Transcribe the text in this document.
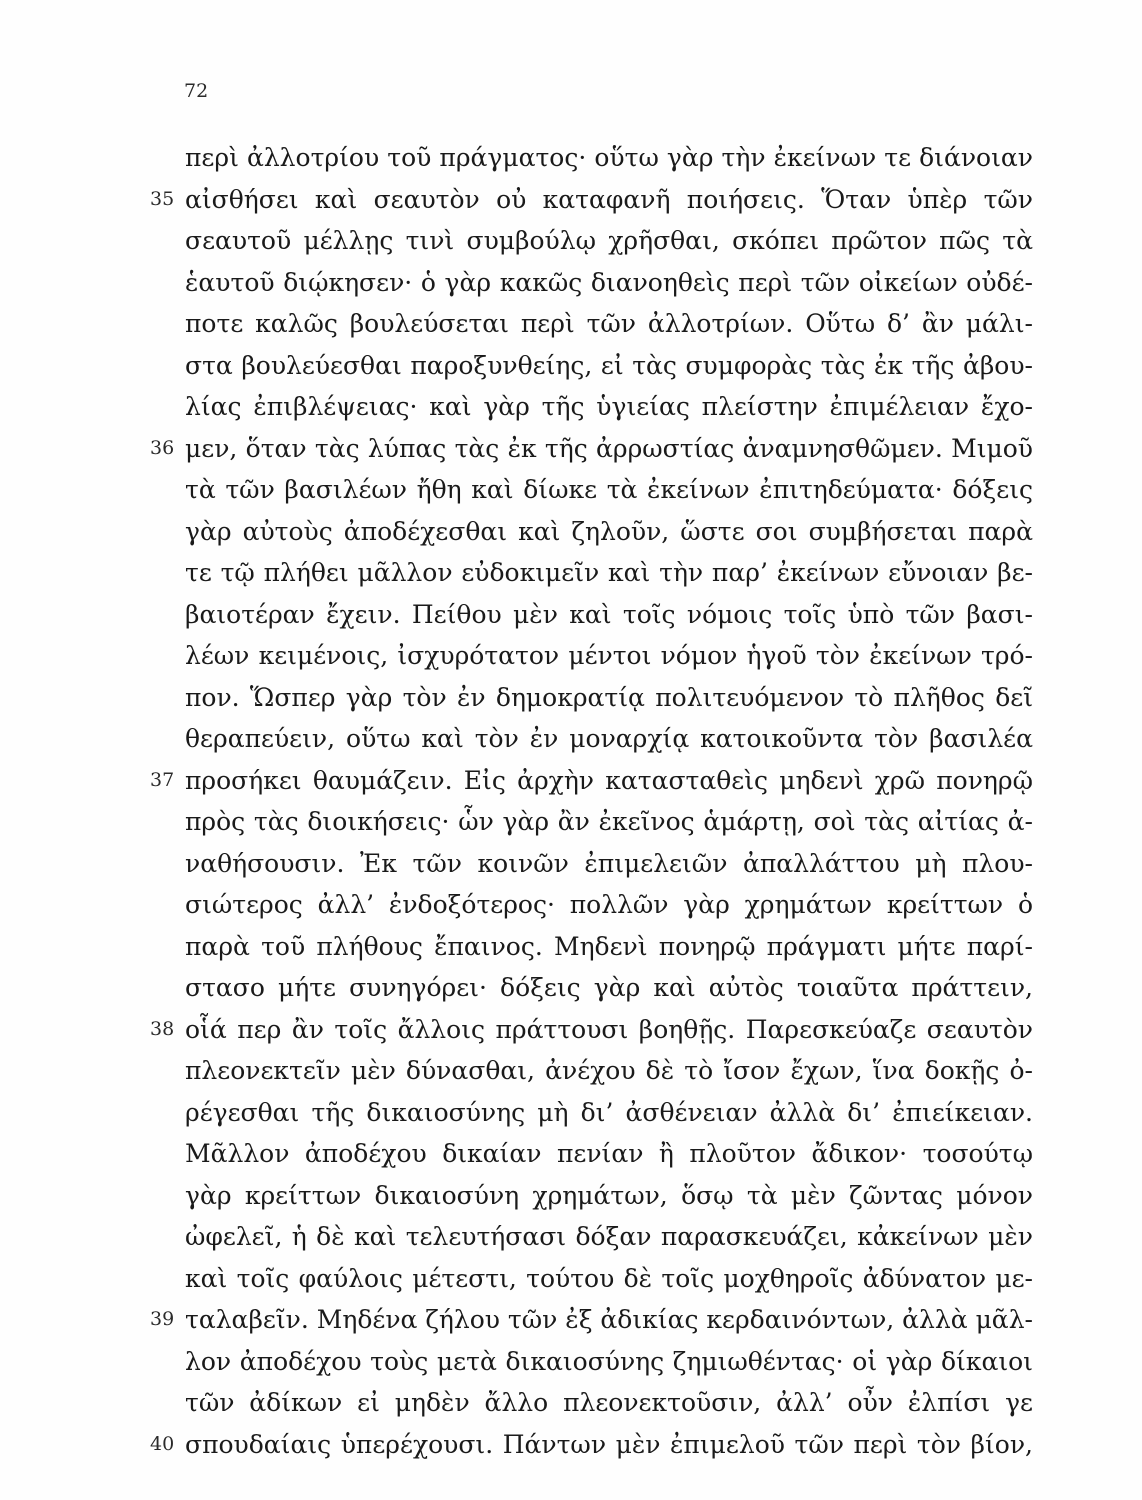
72
περὶ ἀλλοτρίου τοῦ πράγματος· οὕτω γὰρ τὴν ἐκείνων τε διάνοιαν
35 αἰσθήσει καὶ σεαυτὸν οὐ καταφανῆ ποιήσεις. Ὅταν ὑπὲρ τῶν
σεαυτοῦ μέλλῃς τινὶ συμβούλῳ χρῆσθαι, σκόπει πρῶτον πῶς τὰ
ἑαυτοῦ διῴκησεν· ὁ γὰρ κακῶς διανοηθεὶς περὶ τῶν οἰκείων οὐδέ-
ποτε καλῶς βουλεύσεται περὶ τῶν ἀλλοτρίων. Οὕτω δ’ ἂν μάλι-
στα βουλεύεσθαι παροξυνθείης, εἰ τὰς συμφορὰς τὰς ἐκ τῆς ἀβου-
λίας ἐπιβλέψειας· καὶ γὰρ τῆς ὑγιείας πλείστην ἐπιμέλειαν ἔχο-
36 μεν, ὅταν τὰς λύπας τὰς ἐκ τῆς ἀρρωστίας ἀναμνησθῶμεν. Μιμοῦ
τὰ τῶν βασιλέων ἤθη καὶ δίωκε τὰ ἐκείνων ἐπιτηδεύματα· δόξεις
γὰρ αὐτοὺς ἀποδέχεσθαι καὶ ζηλοῦν, ὥστε σοι συμβήσεται παρὰ
τε τῷ πλήθει μᾶλλον εὐδοκιμεῖν καὶ τὴν παρ’ ἐκείνων εὔνοιαν βε-
βαιοτέραν ἔχειν. Πείθου μὲν καὶ τοῖς νόμοις τοῖς ὑπὸ τῶν βασι-
λέων κειμένοις, ἰσχυρότατον μέντοι νόμον ἡγοῦ τὸν ἐκείνων τρό-
πον. Ὥσπερ γὰρ τὸν ἐν δημοκρατίᾳ πολιτευόμενον τὸ πλῆθος δεῖ
θεραπεύειν, οὕτω καὶ τὸν ἐν μοναρχίᾳ κατοικοῦντα τὸν βασιλέα
37 προσήκει θαυμάζειν. Εἰς ἀρχὴν κατασταθεὶς μηδενὶ χρῶ πονηρῷ
πρὸς τὰς διοικήσεις· ὧν γὰρ ἂν ἐκεῖνος ἁμάρτῃ, σοὶ τὰς αἰτίας ἀ-
ναθήσουσιν. Ἐκ τῶν κοινῶν ἐπιμελειῶν ἀπαλλάττου μὴ πλου-
σιώτερος ἀλλ’ ἐνδοξότερος· πολλῶν γὰρ χρημάτων κρείττων ὁ
παρὰ τοῦ πλήθους ἔπαινος. Μηδενὶ πονηρῷ πράγματι μήτε παρί-
στασο μήτε συνηγόρει· δόξεις γὰρ καὶ αὐτὸς τοιαῦτα πράττειν,
38 οἷά περ ἂν τοῖς ἄλλοις πράττουσι βοηθῇς. Παρεσκεύαζε σεαυτὸν
πλεονεκτεῖν μὲν δύνασθαι, ἀνέχου δὲ τὸ ἴσον ἔχων, ἵνα δοκῇς ὀ-
ρέγεσθαι τῆς δικαιοσύνης μὴ δι’ ἀσθένειαν ἀλλὰ δι’ ἐπιείκειαν.
Μᾶλλον ἀποδέχου δικαίαν πενίαν ἢ πλοῦτον ἄδικον· τοσούτῳ
γὰρ κρείττων δικαιοσύνη χρημάτων, ὅσῳ τὰ μὲν ζῶντας μόνον
ὠφελεῖ, ἡ δὲ καὶ τελευτήσασι δόξαν παρασκευάζει, κἀκείνων μὲν
καὶ τοῖς φαύλοις μέτεστι, τούτου δὲ τοῖς μοχθηροῖς ἀδύνατον με-
39 ταλαβεῖν. Μηδένα ζήλου τῶν ἐξ ἀδικίας κερδαινόντων, ἀλλὰ μᾶλ-
λον ἀποδέχου τοὺς μετὰ δικαιοσύνης ζημιωθέντας· οἱ γὰρ δίκαιοι
τῶν ἀδίκων εἰ μηδὲν ἄλλο πλεονεκτοῦσιν, ἀλλ’ οὖν ἐλπίσι γε
40 σπουδαίαις ὑπερέχουσι. Πάντων μὲν ἐπιμελοῦ τῶν περὶ τὸν βίον,
